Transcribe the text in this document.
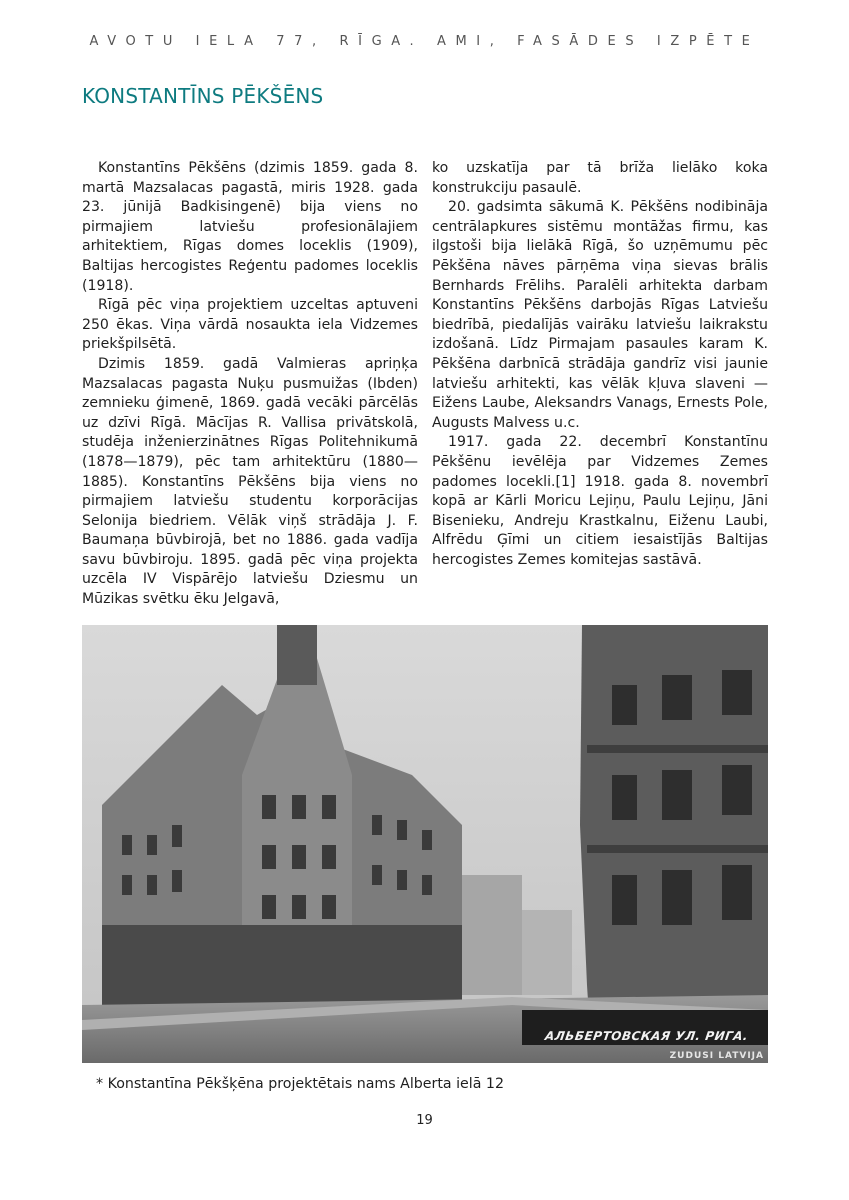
AVOTU IELA 77, RĪGA. AMI, FASĀDES IZPĒTE
KONSTANTĪNS PĒKŠĒNS

Konstantīns Pēkšēns (dzimis 1859. gada 8. martā Mazsalacas pagastā, miris 1928. gada 23. jūnijā Badkisingenē) bija viens no pirmajiem latviešu profesionālajiem arhitektiem, Rīgas domes loceklis (1909), Baltijas hercogistes Reģentu padomes loceklis (1918).

Rīgā pēc viņa projektiem uzceltas aptuveni 250 ēkas. Viņa vārdā nosaukta iela Vidzemes priekšpilsētā.

Dzimis 1859. gadā Valmieras apriņķa Mazsalacas pagasta Nuķu pusmuižas (Ibden) zemnieku ģimenē, 1869. gadā vecāki pārcēlās uz dzīvi Rīgā. Mācījas R. Vallisa privātskolā, studēja inženierzinātnes Rīgas Politehnikumā (1878—1879), pēc tam arhitektūru (1880—1885). Konstantīns Pēkšēns bija viens no pirmajiem latviešu studentu korporācijas Selonija biedriem. Vēlāk viņš strādāja J. F. Baumaņa būvbirojā, bet no 1886. gada vadīja savu būvbiroju. 1895. gadā pēc viņa projekta uzcēla IV Vispārējo latviešu Dziesmu un Mūzikas svētku ēku Jelgavā,

ko uzskatīja par tā brīža lielāko koka konstrukciju pasaulē.

20. gadsimta sākumā K. Pēkšēns nodibināja centrālapkures sistēmu montāžas firmu, kas ilgstoši bija lielākā Rīgā, šo uzņēmumu pēc Pēkšēna nāves pārņēma viņa sievas brālis Bernhards Frēlihs. Paralēli arhitekta darbam Konstantīns Pēkšēns darbojās Rīgas Latviešu biedrībā, piedalījās vairāku latviešu laikrakstu izdošanā. Līdz Pirmajam pasaules karam K. Pēkšēna darbnīcā strādāja gandrīz visi jaunie latviešu arhitekti, kas vēlāk kļuva slaveni — Eižens Laube, Aleksandrs Vanags, Ernests Pole, Augusts Malvess u.c.

1917. gada 22. decembrī Konstantīnu Pēkšēnu ievēlēja par Vidzemes Zemes padomes locekli.[1] 1918. gada 8. novembrī kopā ar Kārli Moricu Lejiņu, Paulu Lejiņu, Jāni Bisenieku, Andreju Krastkalnu, Eiženu Laubi, Alfrēdu Ģīmi un citiem iesaistījās Baltijas hercogistes Zemes komitejas sastāvā.

АЛЬБЕРТОВСКАЯ УЛ. РИГА.
ZUDUSI LATVIJA
* Konstantīna Pēkšķēna projektētais nams Alberta ielā 12
19
